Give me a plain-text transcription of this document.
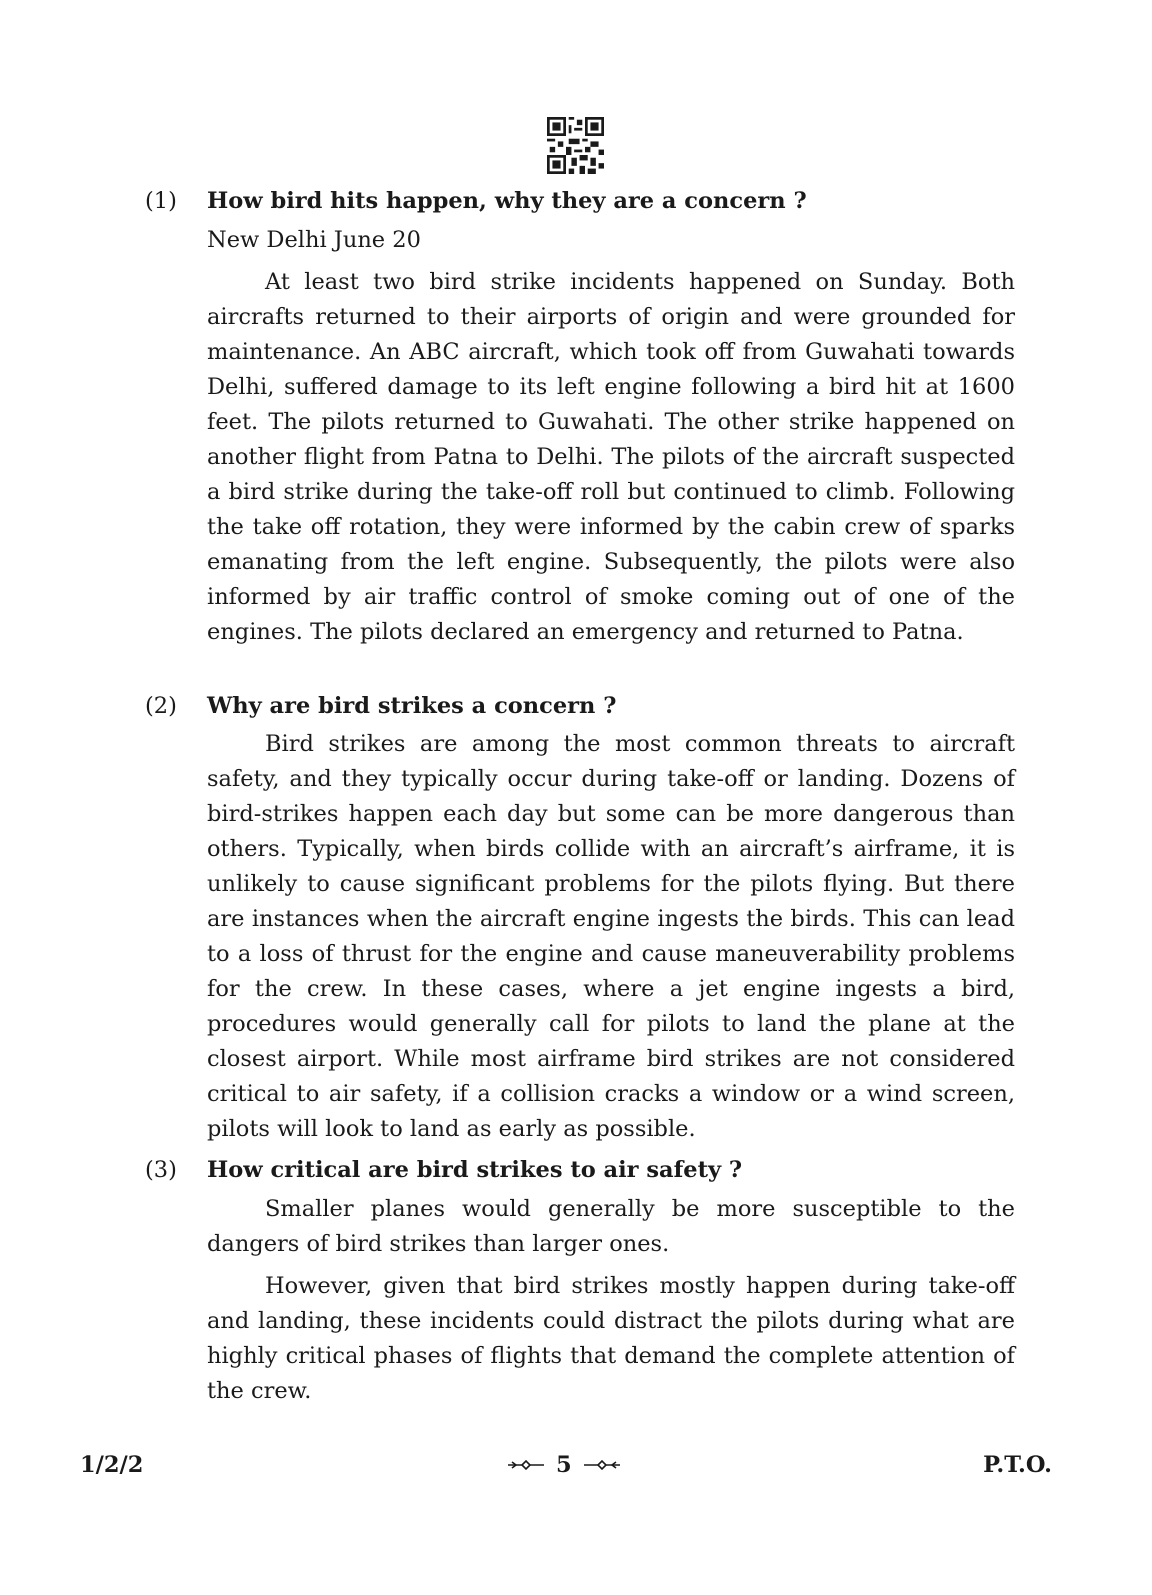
(1)	How bird hits happen, why they are a concern ?

New Delhi June 20

At least two bird strike incidents happened on Sunday. Both aircrafts returned to their airports of origin and were grounded for maintenance. An ABC aircraft, which took off from Guwahati towards Delhi, suffered damage to its left engine following a bird hit at 1600 feet. The pilots returned to Guwahati. The other strike happened on another flight from Patna to Delhi. The pilots of the aircraft suspected a bird strike during the take-off roll but continued to climb. Following the take off rotation, they were informed by the cabin crew of sparks emanating from the left engine. Subsequently, the pilots were also informed by air traffic control of smoke coming out of one of the engines. The pilots declared an emergency and returned to Patna.

(2)	Why are bird strikes a concern ?

Bird strikes are among the most common threats to aircraft safety, and they typically occur during take-off or landing. Dozens of bird-strikes happen each day but some can be more dangerous than others. Typically, when birds collide with an aircraft’s airframe, it is unlikely to cause significant problems for the pilots flying. But there are instances when the aircraft engine ingests the birds. This can lead to a loss of thrust for the engine and cause maneuverability problems for the crew. In these cases, where a jet engine ingests a bird, procedures would generally call for pilots to land the plane at the closest airport. While most airframe bird strikes are not considered critical to air safety, if a collision cracks a window or a wind screen, pilots will look to land as early as possible.

(3)	How critical are bird strikes to air safety ?

Smaller planes would generally be more susceptible to the dangers of bird strikes than larger ones.

However, given that bird strikes mostly happen during take-off and landing, these incidents could distract the pilots during what are highly critical phases of flights that demand the complete attention of the crew.

1/2/2	5	P.T.O.
